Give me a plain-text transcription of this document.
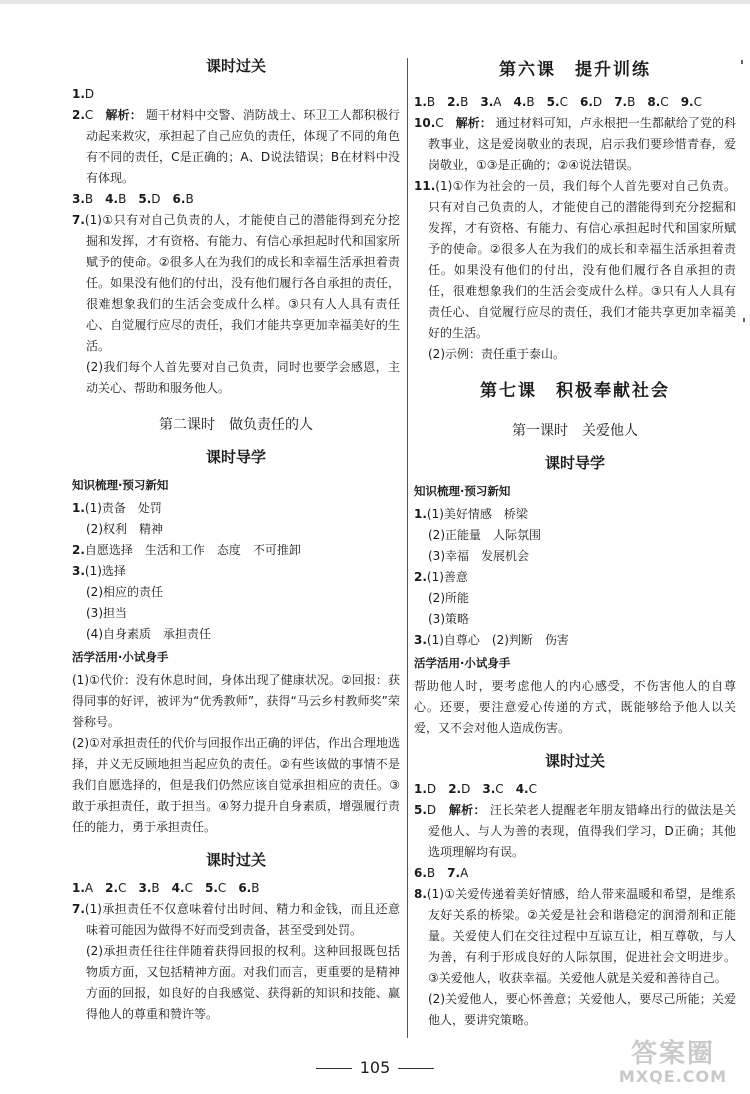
课时过关

1.D

2.C　 解析： 题干材料中交警、消防战士、环卫工人都积极行动起来救灾，承担起了自己应负的责任，体现了不同的角色有不同的责任，C是正确的；A、D说法错误；B在材料中没有体现。

3.B　 4.B　 5.D　 6.B

7.(1)①只有对自己负责的人，才能使自己的潜能得到充分挖掘和发挥，才有资格、有能力、有信心承担起时代和国家所赋予的使命。②很多人在为我们的成长和幸福生活承担着责任。如果没有他们的付出，没有他们履行各自承担的责任，很难想象我们的生活会变成什么样。③只有人人具有责任心、自觉履行应尽的责任，我们才能共享更加幸福美好的生活。

(2)我们每个人首先要对自己负责，同时也要学会感恩，主动关心、帮助和服务他人。

第二课时　做负责任的人
课时导学
知识梳理·预习新知

1.(1)责备　处罚

(2)权利　精神

2.自愿选择　生活和工作　态度　不可推卸

3.(1)选择

(2)相应的责任

(3)担当

(4)自身素质　承担责任

活学活用·小试身手

(1)①代价：没有休息时间，身体出现了健康状况。②回报：获得同事的好评，被评为“优秀教师”，获得“马云乡村教师奖”荣誉称号。

(2)①对承担责任的代价与回报作出正确的评估，作出合理地选择，并义无反顾地担当起应负的责任。②有些该做的事情不是我们自愿选择的，但是我们仍然应该自觉承担相应的责任。③敢于承担责任，敢于担当。④努力提升自身素质，增强履行责任的能力，勇于承担责任。

课时过关

1.A　 2.C　 3.B　 4.C　 5.C　 6.B

7.(1)承担责任不仅意味着付出时间、精力和金钱，而且还意味着可能因为做得不好而受到责备，甚至受到处罚。

(2)承担责任往往伴随着获得回报的权利。这种回报既包括物质方面，又包括精神方面。对我们而言，更重要的是精神方面的回报，如良好的自我感觉、获得新的知识和技能、赢得他人的尊重和赞许等。

第六课　提升训练

1.B　 2.B　 3.A　 4.B　 5.C　 6.D　 7.B　 8.C　 9.C

10.C　 解析： 通过材料可知，卢永根把一生都献给了党的科教事业，这是爱岗敬业的表现，启示我们要珍惜青春，爱岗敬业，①③是正确的；②④说法错误。

11.(1)①作为社会的一员，我们每个人首先要对自己负责。只有对自己负责的人，才能使自己的潜能得到充分挖掘和发挥，才有资格、有能力、有信心承担起时代和国家所赋予的使命。②很多人在为我们的成长和幸福生活承担着责任。如果没有他们的付出，没有他们履行各自承担的责任，很难想象我们的生活会变成什么样。③只有人人具有责任心、自觉履行应尽的责任，我们才能共享更加幸福美好的生活。

(2)示例：责任重于泰山。

第七课　积极奉献社会
第一课时　关爱他人
课时导学
知识梳理·预习新知

1.(1)美好情感　桥梁

(2)正能量　人际氛围

(3)幸福　发展机会

2.(1)善意

(2)所能

(3)策略

3.(1)自尊心　(2)判断　伤害

活学活用·小试身手

帮助他人时，要考虑他人的内心感受，不伤害他人的自尊心。还要，要注意爱心传递的方式，既能够给予他人以关爱，又不会对他人造成伤害。

课时过关

1.D　 2.D　 3.C　 4.C

5.D　 解析： 汪长荣老人提醒老年朋友错峰出行的做法是关爱他人、与人为善的表现，值得我们学习，D正确；其他选项理解均有误。

6.B　 7.A

8.(1)①关爱传递着美好情感，给人带来温暖和希望，是维系友好关系的桥梁。②关爱是社会和谐稳定的润滑剂和正能量。关爱使人们在交往过程中互谅互让，相互尊敬，与人为善，有利于形成良好的人际氛围，促进社会文明进步。③关爱他人，收获幸福。关爱他人就是关爱和善待自己。

(2)关爱他人，要心怀善意；关爱他人，要尽己所能；关爱他人，要讲究策略。

105	答案圈
MXQE.COM
